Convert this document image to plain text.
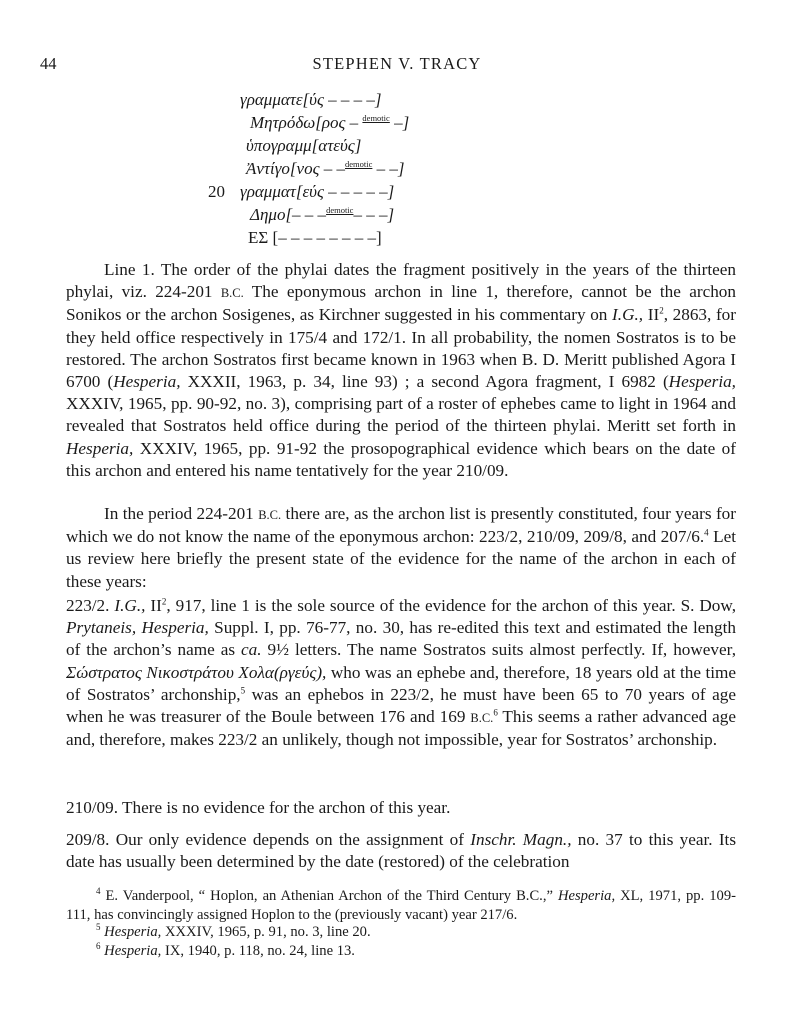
44	STEPHEN V. TRACY
γραμματε[ύς – – – –]
Μητρόδω[ρος – $^{demotic}$ –]
ὑπογραμμ[ατεύς]
Ἀντίγο[νος – –$^{demotic}$ – –]
20 γραμματ[εύς – – – – –]
Δημο[– – –$^{demotic}$– – –]
ΕΣ [– – – – – – – –]

Line 1. The order of the phylai dates the fragment positively in the years of the thirteen phylai, viz. 224-201 B.C. The eponymous archon in line 1, therefore, cannot be the archon Sonikos or the archon Sosigenes, as Kirchner suggested in his commentary on I.G., $II^2$, 2863, for they held office respectively in 175/4 and 172/1. In all probability, the nomen Sostratos is to be restored. The archon Sostratos first became known in 1963 when B. D. Meritt published Agora I 6700 (Hesperia, XXXII, 1963, p. 34, line 93) ; a second Agora fragment, I 6982 (Hesperia, XXXIV, 1965, pp. 90-92, no. 3), comprising part of a roster of ephebes came to light in 1964 and revealed that Sostratos held office during the period of the thirteen phylai. Meritt set forth in Hesperia, XXXIV, 1965, pp. 91-92 the prosopographical evidence which bears on the date of this archon and entered his name tentatively for the year 210/09.

In the period 224-201 B.C. there are, as the archon list is presently constituted, four years for which we do not know the name of the eponymous archon: 223/2, 210/09, 209/8, and 207/6.$^4$ Let us review here briefly the present state of the evidence for the name of the archon in each of these years:

223/2. I.G., $II^2$, 917, line 1 is the sole source of the evidence for the archon of this year. S. Dow, Prytaneis, Hesperia, Suppl. I, pp. 76-77, no. 30, has re-edited this text and estimated the length of the archon’s name as ca. 9½ letters. The name Sostratos suits almost perfectly. If, however, Σώστρατος Νικοστράτου Χολα(ργεύς), who was an ephebe and, therefore, 18 years old at the time of Sostratos’ archonship,$^5$ was an ephebos in 223/2, he must have been 65 to 70 years of age when he was treasurer of the Boule between 176 and 169 B.C.$^6$ This seems a rather advanced age and, therefore, makes 223/2 an unlikely, though not impossible, year for Sostratos’ archonship.

210/09. There is no evidence for the archon of this year.

209/8. Our only evidence depends on the assignment of Inschr. Magn., no. 37 to this year. Its date has usually been determined by the date (restored) of the celebration

$^4$ E. Vanderpool, “ Hoplon, an Athenian Archon of the Third Century B.C.,” Hesperia, XL, 1971, pp. 109-111, has convincingly assigned Hoplon to the (previously vacant) year 217/6.
$^5$ Hesperia, XXXIV, 1965, p. 91, no. 3, line 20.
$^6$ Hesperia, IX, 1940, p. 118, no. 24, line 13.
